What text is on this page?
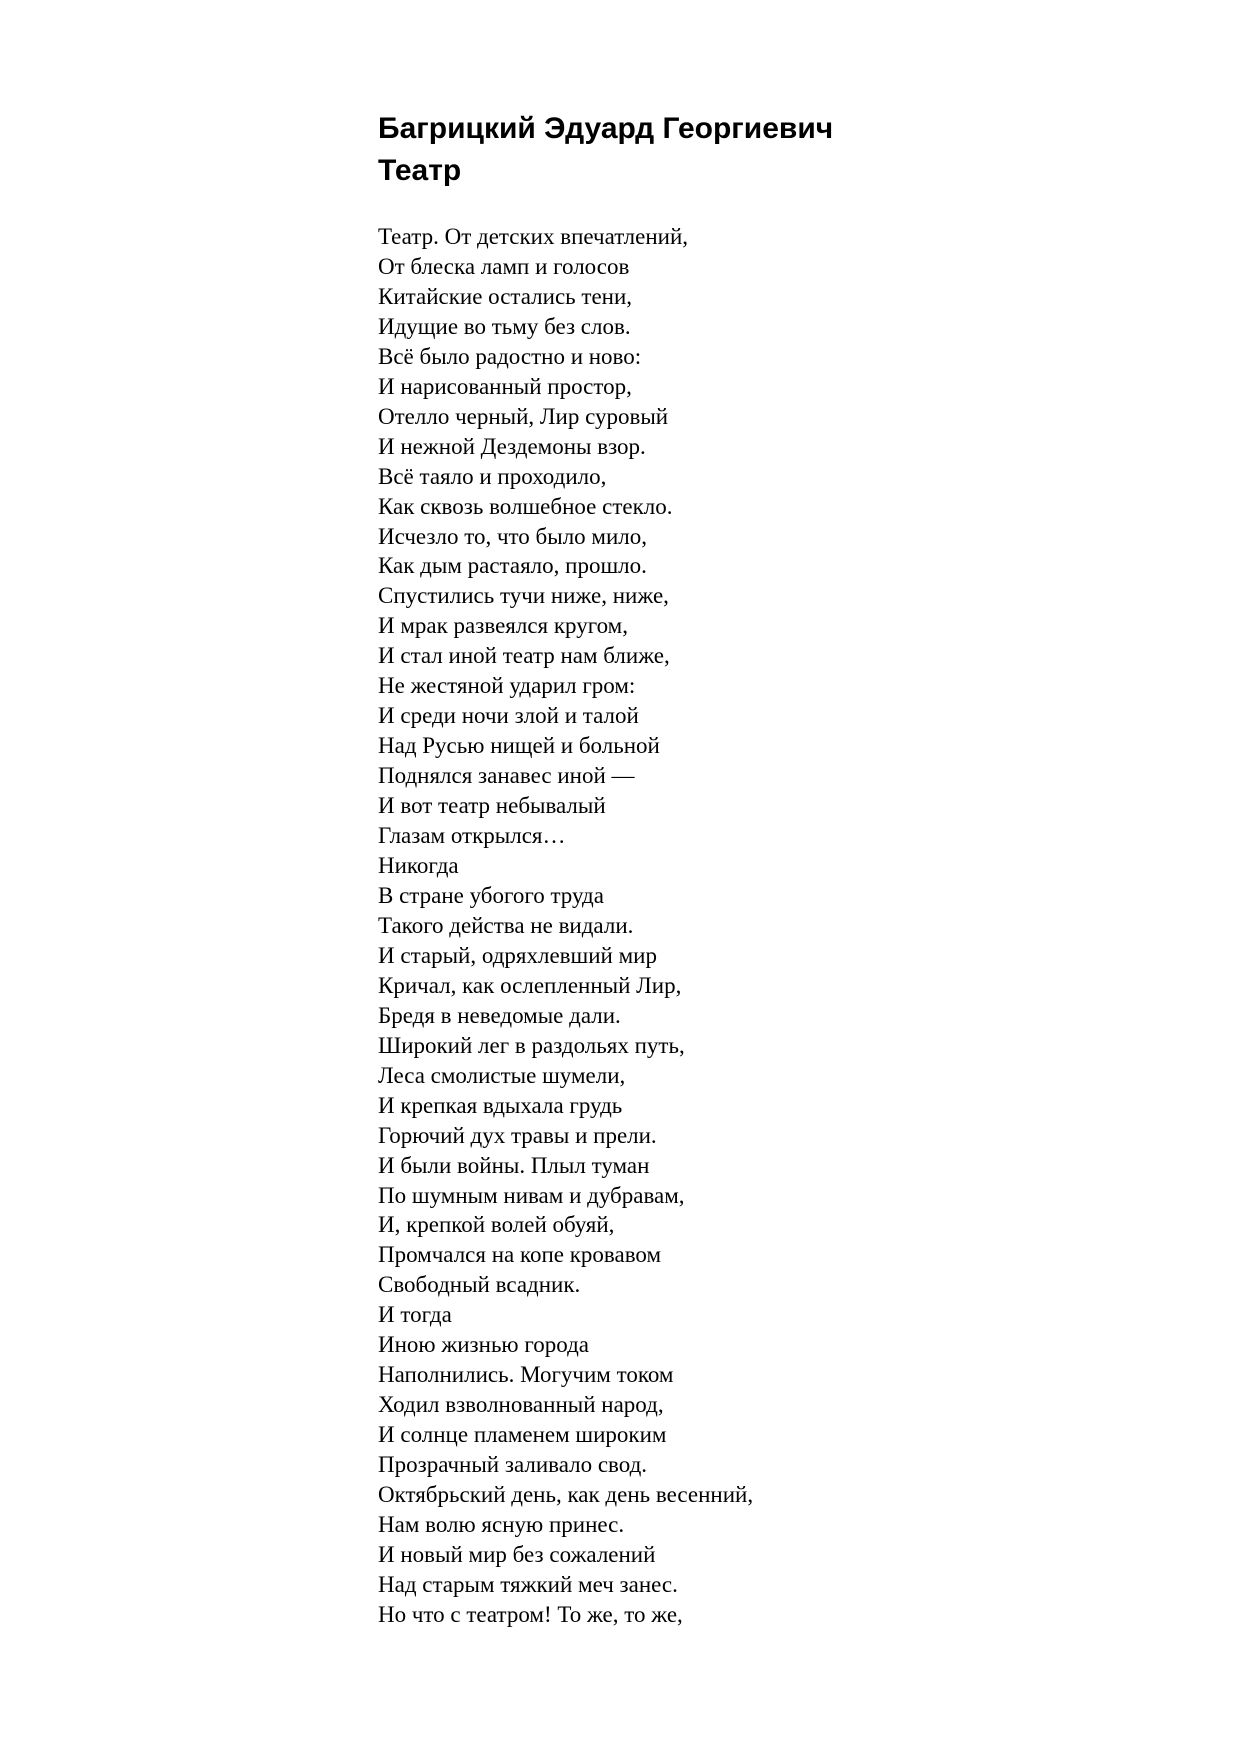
Багрицкий Эдуард Георгиевич
Театр
Театр. От детских впечатлений,
От блеска ламп и голосов
Китайские остались тени,
Идущие во тьму без слов.
Всё было радостно и ново:
И нарисованный простор,
Отелло черный, Лир суровый
И нежной Дездемоны взор.
Всё таяло и проходило,
Как сквозь волшебное стекло.
Исчезло то, что было мило,
Как дым растаяло, прошло.
Спустились тучи ниже, ниже,
И мрак развеялся кругом,
И стал иной театр нам ближе,
Не жестяной ударил гром:
И среди ночи злой и талой
Над Русью нищей и больной
Поднялся занавес иной —
И вот театр небывалый
Глазам открылся…
Никогда
В стране убогого труда
Такого действа не видали.
И старый, одряхлевший мир
Кричал, как ослепленный Лир,
Бредя в неведомые дали.
Широкий лег в раздольях путь,
Леса смолистые шумели,
И крепкая вдыхала грудь
Горючий дух травы и прели.
И были войны. Плыл туман
По шумным нивам и дубравам,
И, крепкой волей обуяй,
Промчался на копе кровавом
Свободный всадник.
И тогда
Иною жизнью города
Наполнились. Могучим током
Ходил взволнованный народ,
И солнце пламенем широким
Прозрачный заливало свод.
Октябрьский день, как день весенний,
Нам волю ясную принес.
И новый мир без сожалений
Над старым тяжкий меч занес.
Но что с театром! То же, то же,
